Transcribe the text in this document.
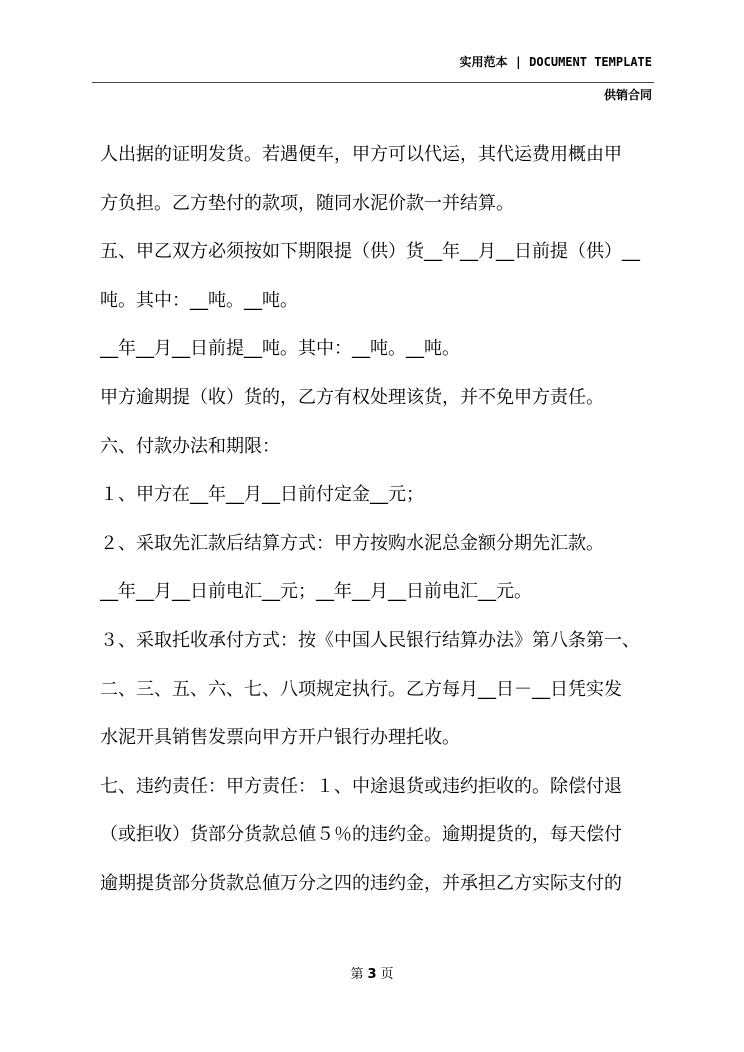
实用范本 | DOCUMENT TEMPLATE
供销合同
人出据的证明发货。若遇便车，甲方可以代运，其代运费用概由甲
方负担。乙方垫付的款项，随同水泥价款一并结算。
五、甲乙双方必须按如下期限提（供）货__年__月__日前提（供）__
吨。其中：__吨。__吨。
__年__月__日前提__吨。其中：__吨。__吨。
甲方逾期提（收）货的，乙方有权处理该货，并不免甲方责任。
六、付款办法和期限：
１、甲方在__年__月__日前付定金__元；
２、采取先汇款后结算方式：甲方按购水泥总金额分期先汇款。
__年__月__日前电汇__元；__年__月__日前电汇__元。
３、采取托收承付方式：按《中国人民银行结算办法》第八条第一、
二、三、五、六、七、八项规定执行。乙方每月__日－__日凭实发
水泥开具销售发票向甲方开户银行办理托收。
七、违约责任：甲方责任：１、中途退货或违约拒收的。除偿付退
（或拒收）货部分货款总値５％的违约金。逾期提货的，每天偿付
逾期提货部分货款总値万分之四的违约金，并承担乙方实际支付的
第 3 页
